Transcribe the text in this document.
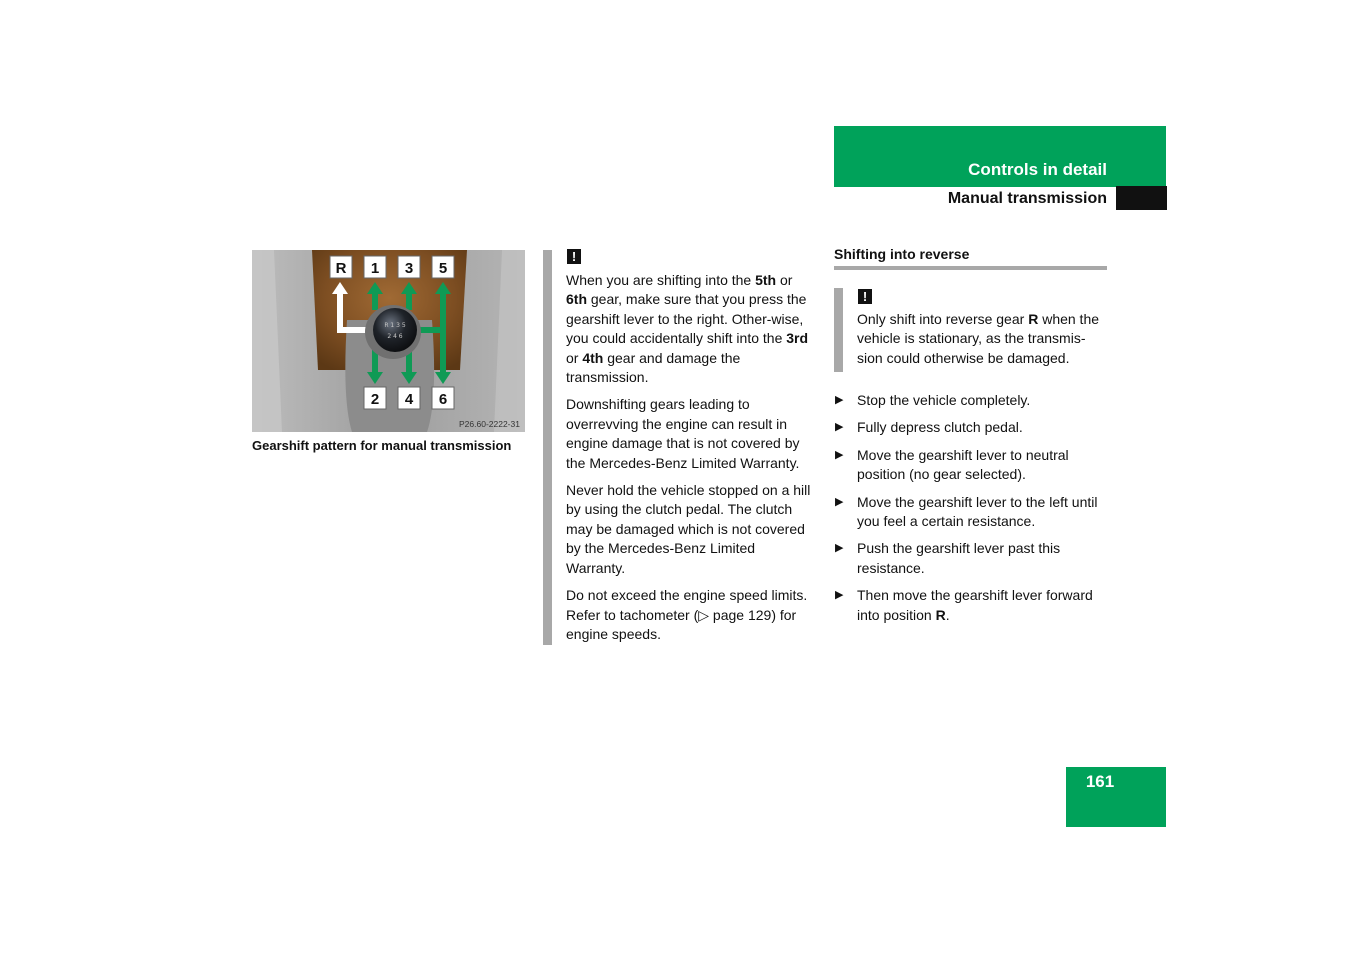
Controls in detail
Manual transmission
R 1 3 5
2 4 6
R 1 3 5
2 4 6
P26.60-2222-31
Gearshift pattern for manual transmission
!

When you are shifting into the 5th or 6th gear, make sure that you press the gearshift lever to the right. Other-wise, you could accidentally shift into the 3rd or 4th gear and damage the transmission.

Downshifting gears leading to overrevving the engine can result in engine damage that is not covered by the Mercedes-Benz Limited Warranty.

Never hold the vehicle stopped on a hill by using the clutch pedal. The clutch may be damaged which is not covered by the Mercedes-Benz Limited Warranty.

Do not exceed the engine speed limits. Refer to tachometer (▷ page 129) for engine speeds.

Shifting into reverse
!
Only shift into reverse gear R when the vehicle is stationary, as the transmis-sion could otherwise be damaged.
▶ Stop the vehicle completely.
▶ Fully depress clutch pedal.
▶ Move the gearshift lever to neutral position (no gear selected).
▶ Move the gearshift lever to the left until you feel a certain resistance.
▶ Push the gearshift lever past this resistance.
▶ Then move the gearshift lever forward into position R.
161
